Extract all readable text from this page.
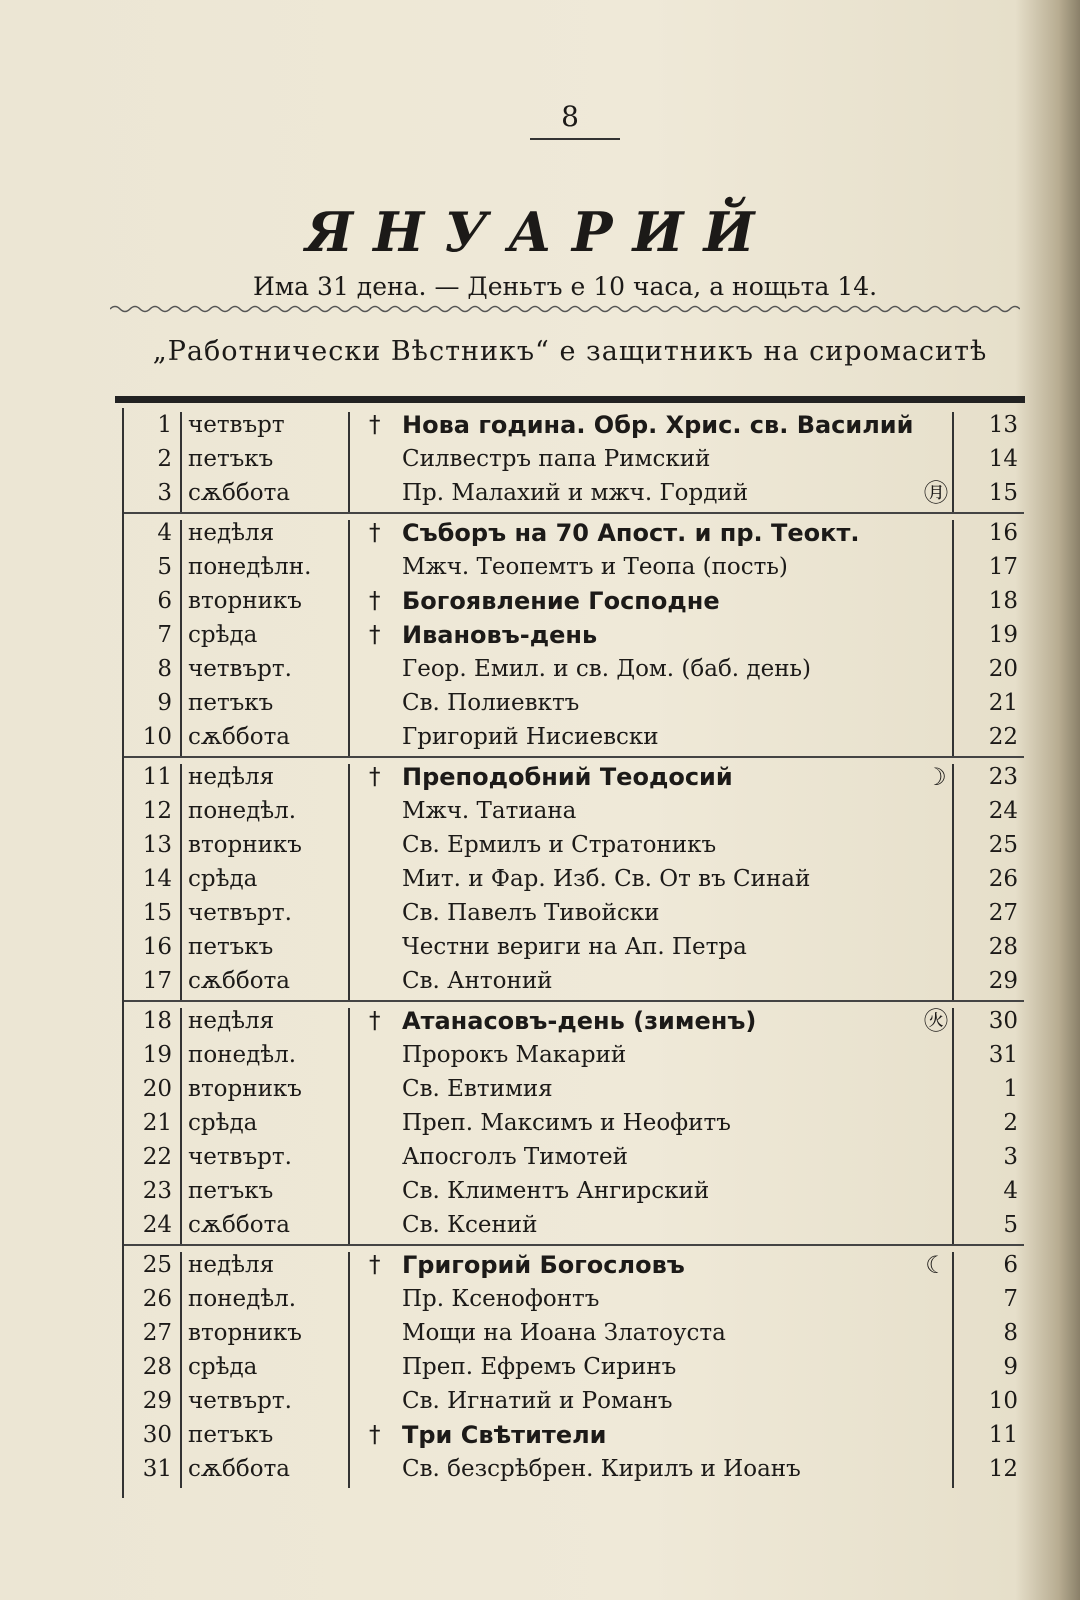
8
ЯНУАРИЙ
Има 31 дена. — Деньтъ е 10 часа, а нощьта 14.
„Работнически Вѣстникъ“ е защитникъ на сиромаситѣ
1 четвърт	† Нова година. Обр. Хрис. св. Василий	13
2 петъкъ	Силвестръ папа Римский	14
3 сѫббота	Пр. Малахий и мжч. Гордий	㊊	15
4 недѣля	† Съборъ на 70 Апост. и пр. Теокт.	16
5 понедѣлн.	Мжч. Теопемтъ и Теопа (пость)	17
6 вторникъ	† Богоявление Господне	18
7 срѣда	† Ивановъ-день	19
8 четвърт.	Геор. Емил. и св. Дом. (баб. день)	20
9 петъкъ	Св. Полиевктъ	21
10 сѫббота	Григорий Нисиевски	22
11 недѣля	† Преподобний Теодосий	☽	23
12 понедѣл.	Мжч. Татиана	24
13 вторникъ	Св. Ермилъ и Стратоникъ	25
14 срѣда	Мит. и Фар. Изб. Св. От въ Синай	26
15 четвърт.	Св. Павелъ Тивойски	27
16 петъкъ	Честни вериги на Ап. Петра	28
17 сѫббота	Св. Антоний	29
18 недѣля	† Атанасовъ-день (зименъ)	㊋	30
19 понедѣл.	Пророкъ Макарий	31
20 вторникъ	Св. Евтимия	1
21 срѣда	Преп. Максимъ и Неофитъ	2
22 четвърт.	Апосголъ Тимотей	3
23 петъкъ	Св. Климентъ Ангирский	4
24 сѫббота	Св. Ксений	5
25 недѣля	† Григорий Богословъ	☾	6
26 понедѣл.	Пр. Ксенофонтъ	7
27 вторникъ	Мощи на Иоана Златоуста	8
28 срѣда	Преп. Ефремъ Сиринъ	9
29 четвърт.	Св. Игнатий и Романъ	10
30 петъкъ	† Три Свѣтители	11
31 сѫббота	Св. безсрѣбрен. Кирилъ и Иоанъ	12
